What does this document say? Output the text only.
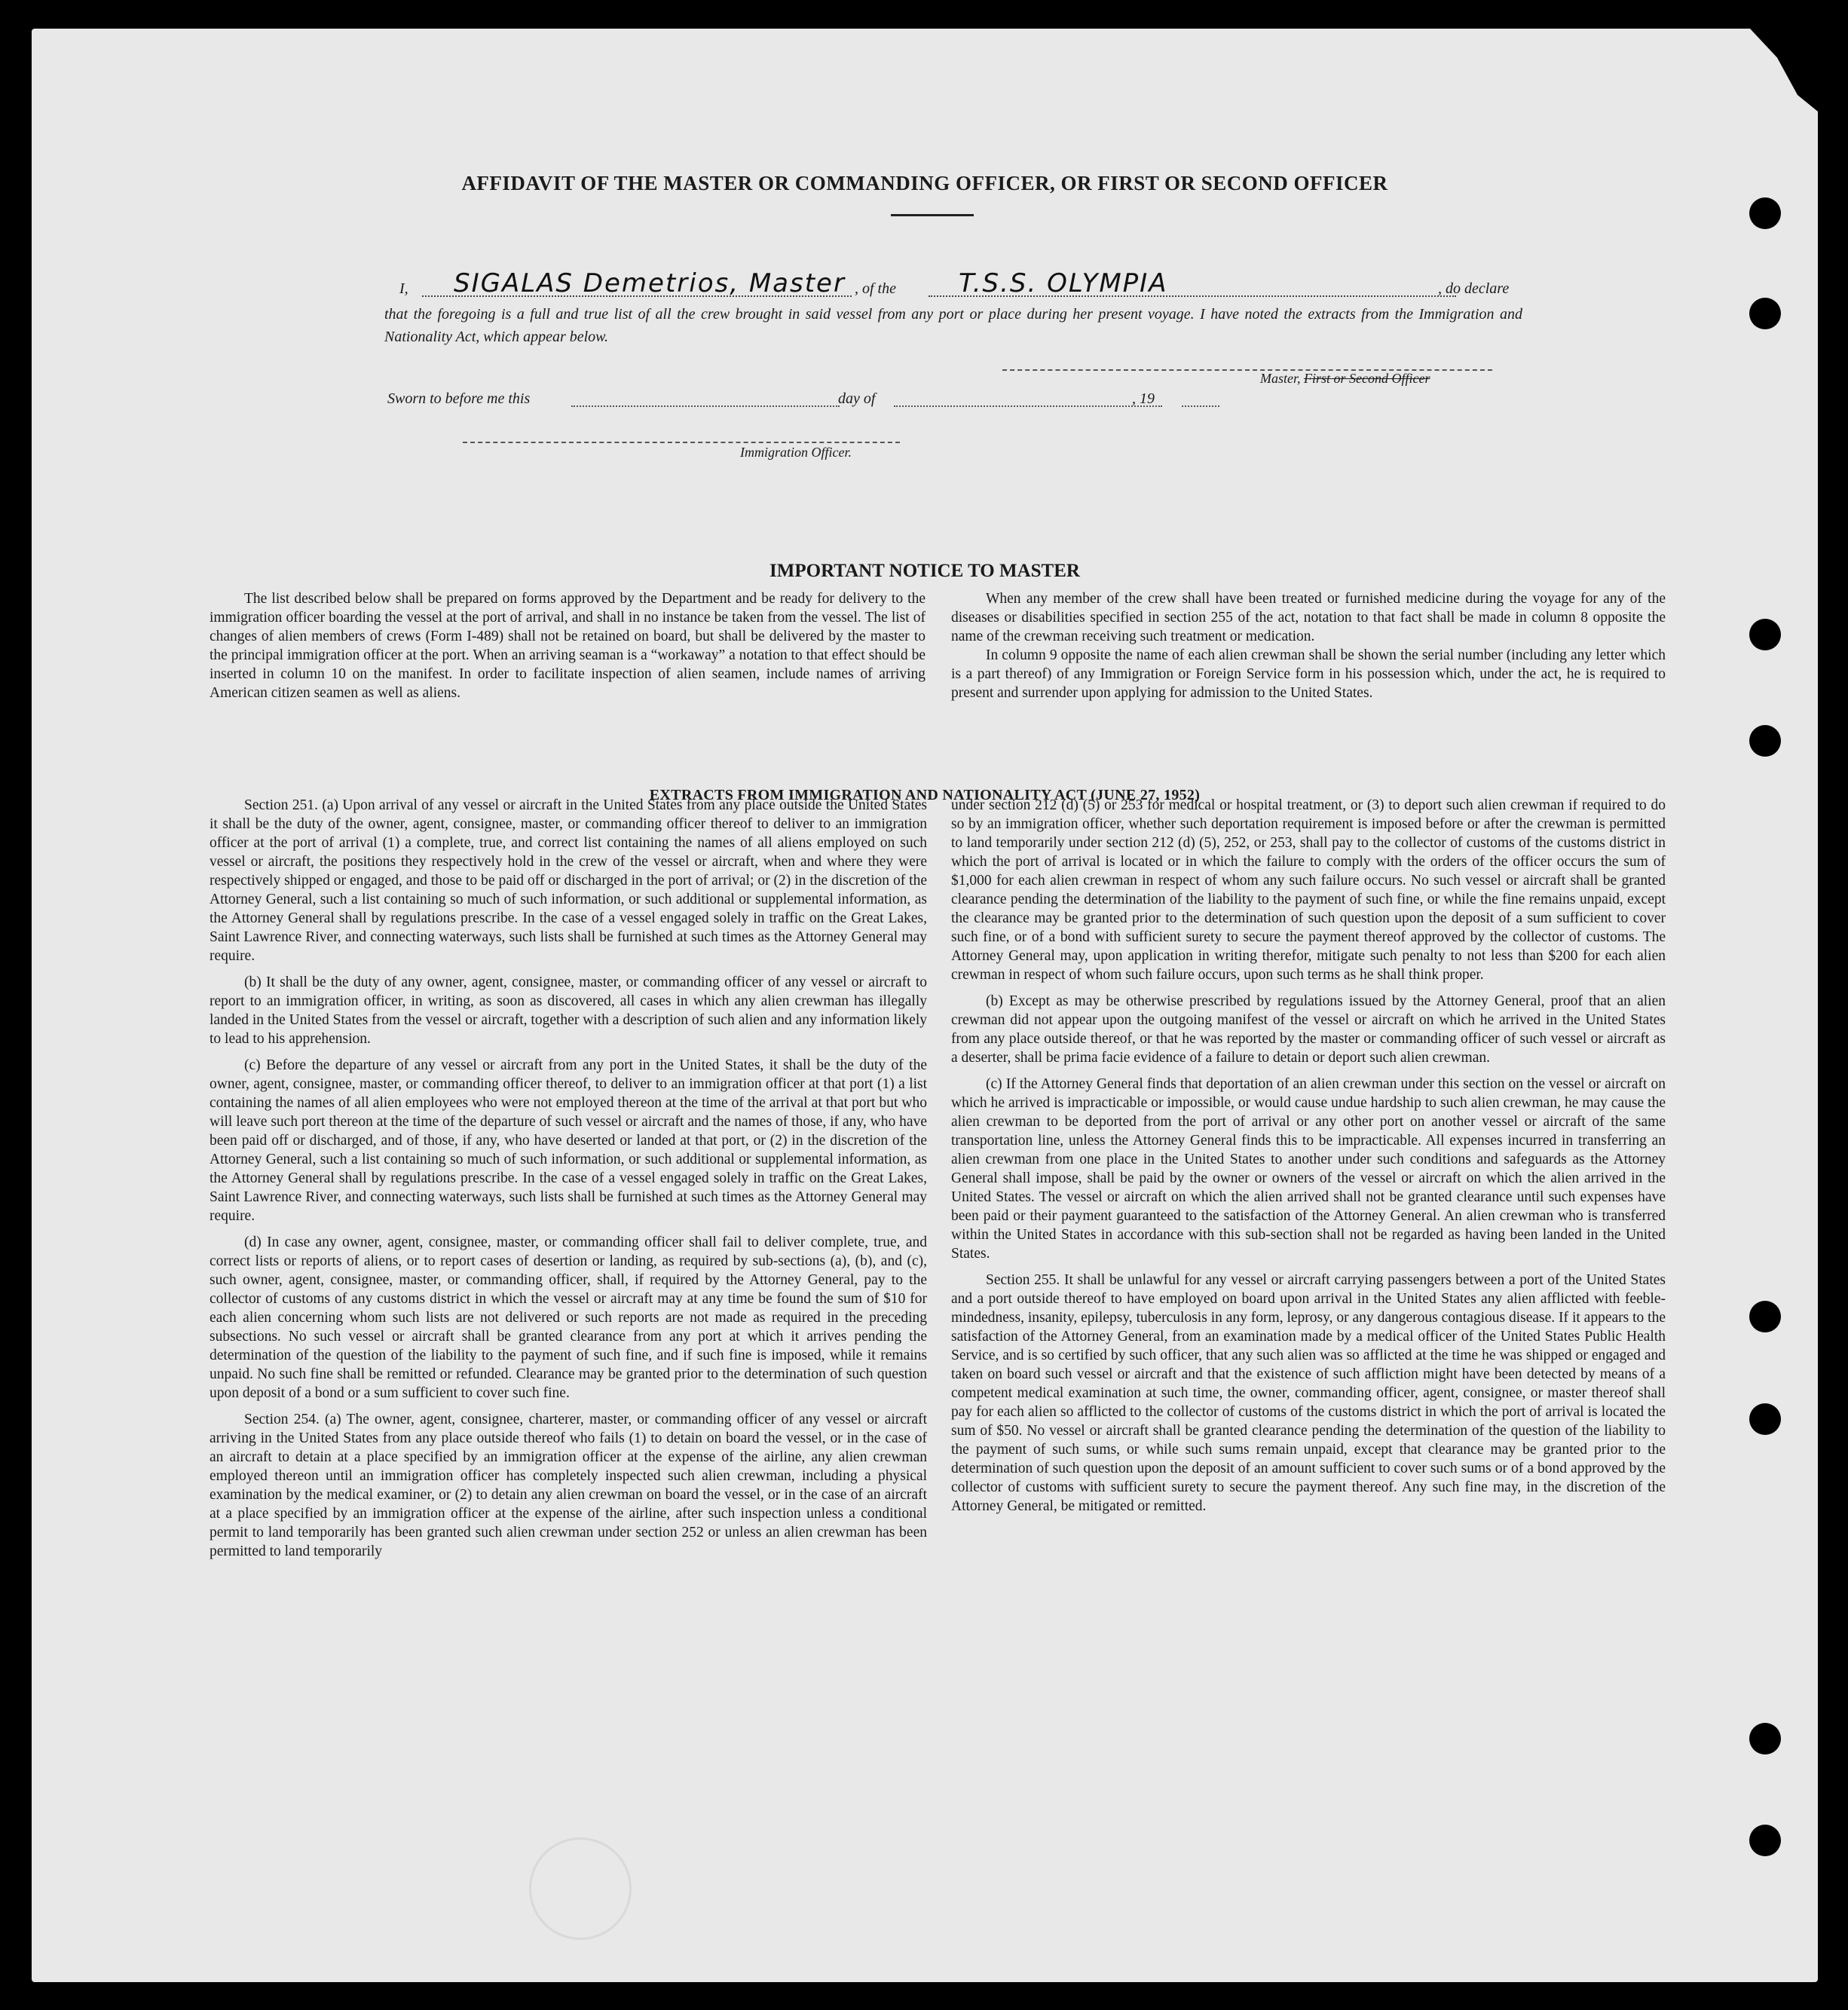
AFFIDAVIT OF THE MASTER OR COMMANDING OFFICER, OR FIRST OR SECOND OFFICER
I, SIGALAS Demetrios, Master , of the T.S.S. OLYMPIA	, do declare
that the foregoing is a full and true list of all the crew brought in said vessel from any port or place during her present voyage. I have noted the extracts from the Immigration and Nationality Act, which appear below.
Master, First or Second Officer
Sworn to before me this	day of	, 19
Immigration Officer.
IMPORTANT NOTICE TO MASTER

The list described below shall be prepared on forms approved by the Department and be ready for delivery to the immigration officer boarding the vessel at the port of arrival, and shall in no instance be taken from the vessel. The list of changes of alien members of crews (Form I-489) shall not be retained on board, but shall be delivered by the master to the principal immigration officer at the port. When an arriving seaman is a “workaway” a notation to that effect should be inserted in column 10 on the manifest. In order to facilitate inspection of alien seamen, include names of arriving American citizen seamen as well as aliens.

When any member of the crew shall have been treated or furnished medicine during the voyage for any of the diseases or disabilities specified in section 255 of the act, notation to that fact shall be made in column 8 opposite the name of the crewman receiving such treatment or medication.

In column 9 opposite the name of each alien crewman shall be shown the serial number (including any letter which is a part thereof) of any Immigration or Foreign Service form in his possession which, under the act, he is required to present and surrender upon applying for admission to the United States.

EXTRACTS FROM IMMIGRATION AND NATIONALITY ACT (JUNE 27, 1952)

Section 251. (a) Upon arrival of any vessel or aircraft in the United States from any place outside the United States it shall be the duty of the owner, agent, consignee, master, or commanding officer thereof to deliver to an immigration officer at the port of arrival (1) a complete, true, and correct list containing the names of all aliens employed on such vessel or aircraft, the positions they respectively hold in the crew of the vessel or aircraft, when and where they were respectively shipped or engaged, and those to be paid off or discharged in the port of arrival; or (2) in the discretion of the Attorney General, such a list containing so much of such information, or such additional or supplemental information, as the Attorney General shall by regulations prescribe. In the case of a vessel engaged solely in traffic on the Great Lakes, Saint Lawrence River, and connecting waterways, such lists shall be furnished at such times as the Attorney General may require.

(b) It shall be the duty of any owner, agent, consignee, master, or commanding officer of any vessel or aircraft to report to an immigration officer, in writing, as soon as discovered, all cases in which any alien crewman has illegally landed in the United States from the vessel or aircraft, together with a description of such alien and any information likely to lead to his apprehension.

(c) Before the departure of any vessel or aircraft from any port in the United States, it shall be the duty of the owner, agent, consignee, master, or commanding officer thereof, to deliver to an immigration officer at that port (1) a list containing the names of all alien employees who were not employed thereon at the time of the arrival at that port but who will leave such port thereon at the time of the departure of such vessel or aircraft and the names of those, if any, who have been paid off or discharged, and of those, if any, who have deserted or landed at that port, or (2) in the discretion of the Attorney General, such a list containing so much of such information, or such additional or supplemental information, as the Attorney General shall by regulations prescribe. In the case of a vessel engaged solely in traffic on the Great Lakes, Saint Lawrence River, and connecting waterways, such lists shall be furnished at such times as the Attorney General may require.

(d) In case any owner, agent, consignee, master, or commanding officer shall fail to deliver complete, true, and correct lists or reports of aliens, or to report cases of desertion or landing, as required by sub-sections (a), (b), and (c), such owner, agent, consignee, master, or commanding officer, shall, if required by the Attorney General, pay to the collector of customs of any customs district in which the vessel or aircraft may at any time be found the sum of $10 for each alien concerning whom such lists are not delivered or such reports are not made as required in the preceding subsections. No such vessel or aircraft shall be granted clearance from any port at which it arrives pending the determination of the question of the liability to the payment of such fine, and if such fine is imposed, while it remains unpaid. No such fine shall be remitted or refunded. Clearance may be granted prior to the determination of such question upon deposit of a bond or a sum sufficient to cover such fine.

Section 254. (a) The owner, agent, consignee, charterer, master, or commanding officer of any vessel or aircraft arriving in the United States from any place outside thereof who fails (1) to detain on board the vessel, or in the case of an aircraft to detain at a place specified by an immigration officer at the expense of the airline, any alien crewman employed thereon until an immigration officer has completely inspected such alien crewman, including a physical examination by the medical examiner, or (2) to detain any alien crewman on board the vessel, or in the case of an aircraft at a place specified by an immigration officer at the expense of the airline, after such inspection unless a conditional permit to land temporarily has been granted such alien crewman under section 252 or unless an alien crewman has been permitted to land temporarily

under section 212 (d) (5) or 253 for medical or hospital treatment, or (3) to deport such alien crewman if required to do so by an immigration officer, whether such deportation requirement is imposed before or after the crewman is permitted to land temporarily under section 212 (d) (5), 252, or 253, shall pay to the collector of customs of the customs district in which the port of arrival is located or in which the failure to comply with the orders of the officer occurs the sum of $1,000 for each alien crewman in respect of whom any such failure occurs. No such vessel or aircraft shall be granted clearance pending the determination of the liability to the payment of such fine, or while the fine remains unpaid, except the clearance may be granted prior to the determination of such question upon the deposit of a sum sufficient to cover such fine, or of a bond with sufficient surety to secure the payment thereof approved by the collector of customs. The Attorney General may, upon application in writing therefor, mitigate such penalty to not less than $200 for each alien crewman in respect of whom such failure occurs, upon such terms as he shall think proper.

(b) Except as may be otherwise prescribed by regulations issued by the Attorney General, proof that an alien crewman did not appear upon the outgoing manifest of the vessel or aircraft on which he arrived in the United States from any place outside thereof, or that he was reported by the master or commanding officer of such vessel or aircraft as a deserter, shall be prima facie evidence of a failure to detain or deport such alien crewman.

(c) If the Attorney General finds that deportation of an alien crewman under this section on the vessel or aircraft on which he arrived is impracticable or impossible, or would cause undue hardship to such alien crewman, he may cause the alien crewman to be deported from the port of arrival or any other port on another vessel or aircraft of the same transportation line, unless the Attorney General finds this to be impracticable. All expenses incurred in transferring an alien crewman from one place in the United States to another under such conditions and safeguards as the Attorney General shall impose, shall be paid by the owner or owners of the vessel or aircraft on which the alien arrived in the United States. The vessel or aircraft on which the alien arrived shall not be granted clearance until such expenses have been paid or their payment guaranteed to the satisfaction of the Attorney General. An alien crewman who is transferred within the United States in accordance with this sub-section shall not be regarded as having been landed in the United States.

Section 255. It shall be unlawful for any vessel or aircraft carrying passengers between a port of the United States and a port outside thereof to have employed on board upon arrival in the United States any alien afflicted with feeble-mindedness, insanity, epilepsy, tuberculosis in any form, leprosy, or any dangerous contagious disease. If it appears to the satisfaction of the Attorney General, from an examination made by a medical officer of the United States Public Health Service, and is so certified by such officer, that any such alien was so afflicted at the time he was shipped or engaged and taken on board such vessel or aircraft and that the existence of such affliction might have been detected by means of a competent medical examination at such time, the owner, commanding officer, agent, consignee, or master thereof shall pay for each alien so afflicted to the collector of customs of the customs district in which the port of arrival is located the sum of $50. No vessel or aircraft shall be granted clearance pending the determination of the question of the liability to the payment of such sums, or while such sums remain unpaid, except that clearance may be granted prior to the determination of such question upon the deposit of an amount sufficient to cover such sums or of a bond approved by the collector of customs with sufficient surety to secure the payment thereof. Any such fine may, in the discretion of the Attorney General, be mitigated or remitted.
